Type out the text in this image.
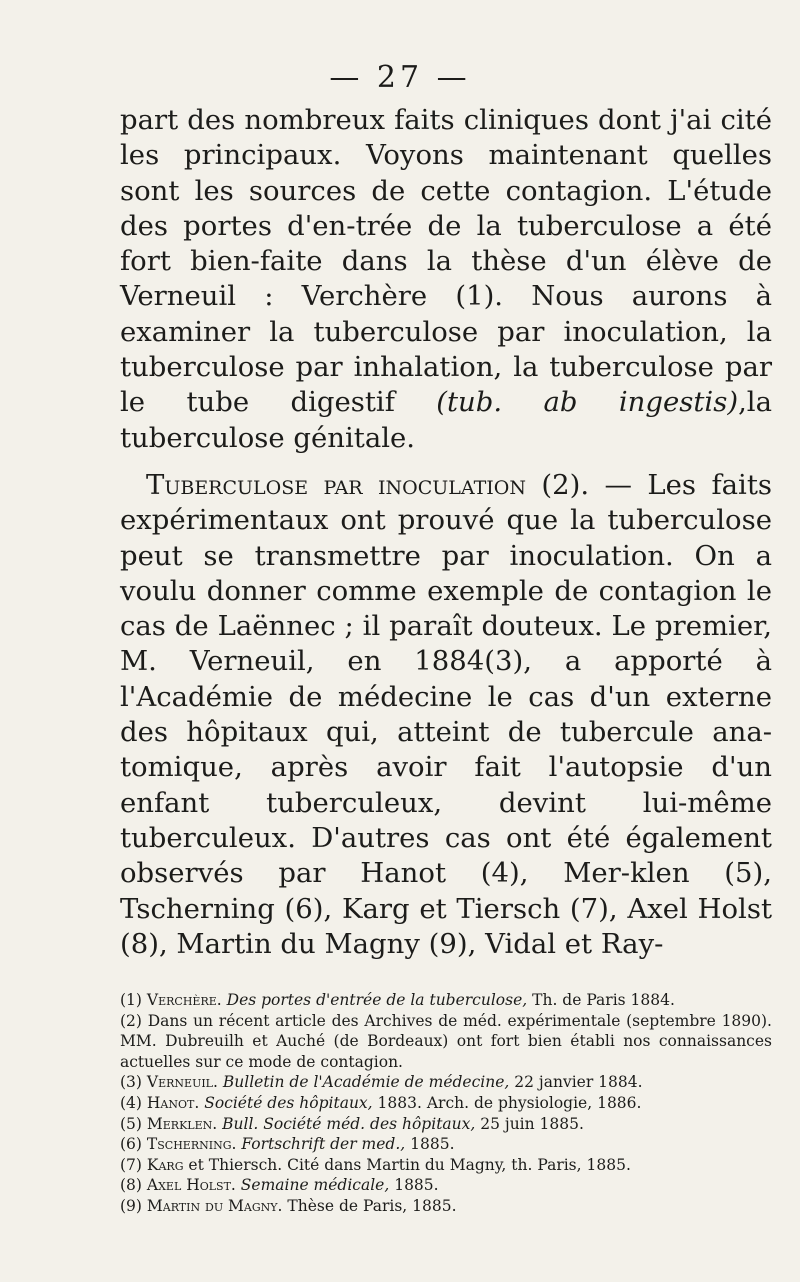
— 27 —

part des nombreux faits cliniques dont j'ai cité les principaux. Voyons maintenant quelles sont les sources de cette contagion. L'étude des portes d'en-trée de la tuberculose a été fort bien-faite dans la thèse d'un élève de Verneuil : Verchère (1). Nous aurons à examiner la tuberculose par inoculation, la tuberculose par inhalation, la tuberculose par le tube digestif (tub. ab ingestis),la tuberculose génitale.

Tuberculose par inoculation (2). — Les faits expérimentaux ont prouvé que la tuberculose peut se transmettre par inoculation. On a voulu donner comme exemple de contagion le cas de Laënnec ; il paraît douteux. Le premier, M. Verneuil, en 1884(3), a apporté à l'Académie de médecine le cas d'un externe des hôpitaux qui, atteint de tubercule ana-tomique, après avoir fait l'autopsie d'un enfant tuberculeux, devint lui-même tuberculeux. D'autres cas ont été également observés par Hanot (4), Mer-klen (5), Tscherning (6), Karg et Tiersch (7), Axel Holst (8), Martin du Magny (9), Vidal et Ray-

(1) Verchère. Des portes d'entrée de la tuberculose, Th. de Paris 1884.

(2) Dans un récent article des Archives de méd. expérimentale (septembre 1890). MM. Dubreuilh et Auché (de Bordeaux) ont fort bien établi nos connaissances actuelles sur ce mode de contagion.

(3) Verneuil. Bulletin de l'Académie de médecine, 22 janvier 1884.

(4) Hanot. Société des hôpitaux, 1883. Arch. de physiologie, 1886.

(5) Merklen. Bull. Société méd. des hôpitaux, 25 juin 1885.

(6) Tscherning. Fortschrift der med., 1885.

(7) Karg et Thiersch. Cité dans Martin du Magny, th. Paris, 1885.

(8) Axel Holst. Semaine médicale, 1885.

(9) Martin du Magny. Thèse de Paris, 1885.
